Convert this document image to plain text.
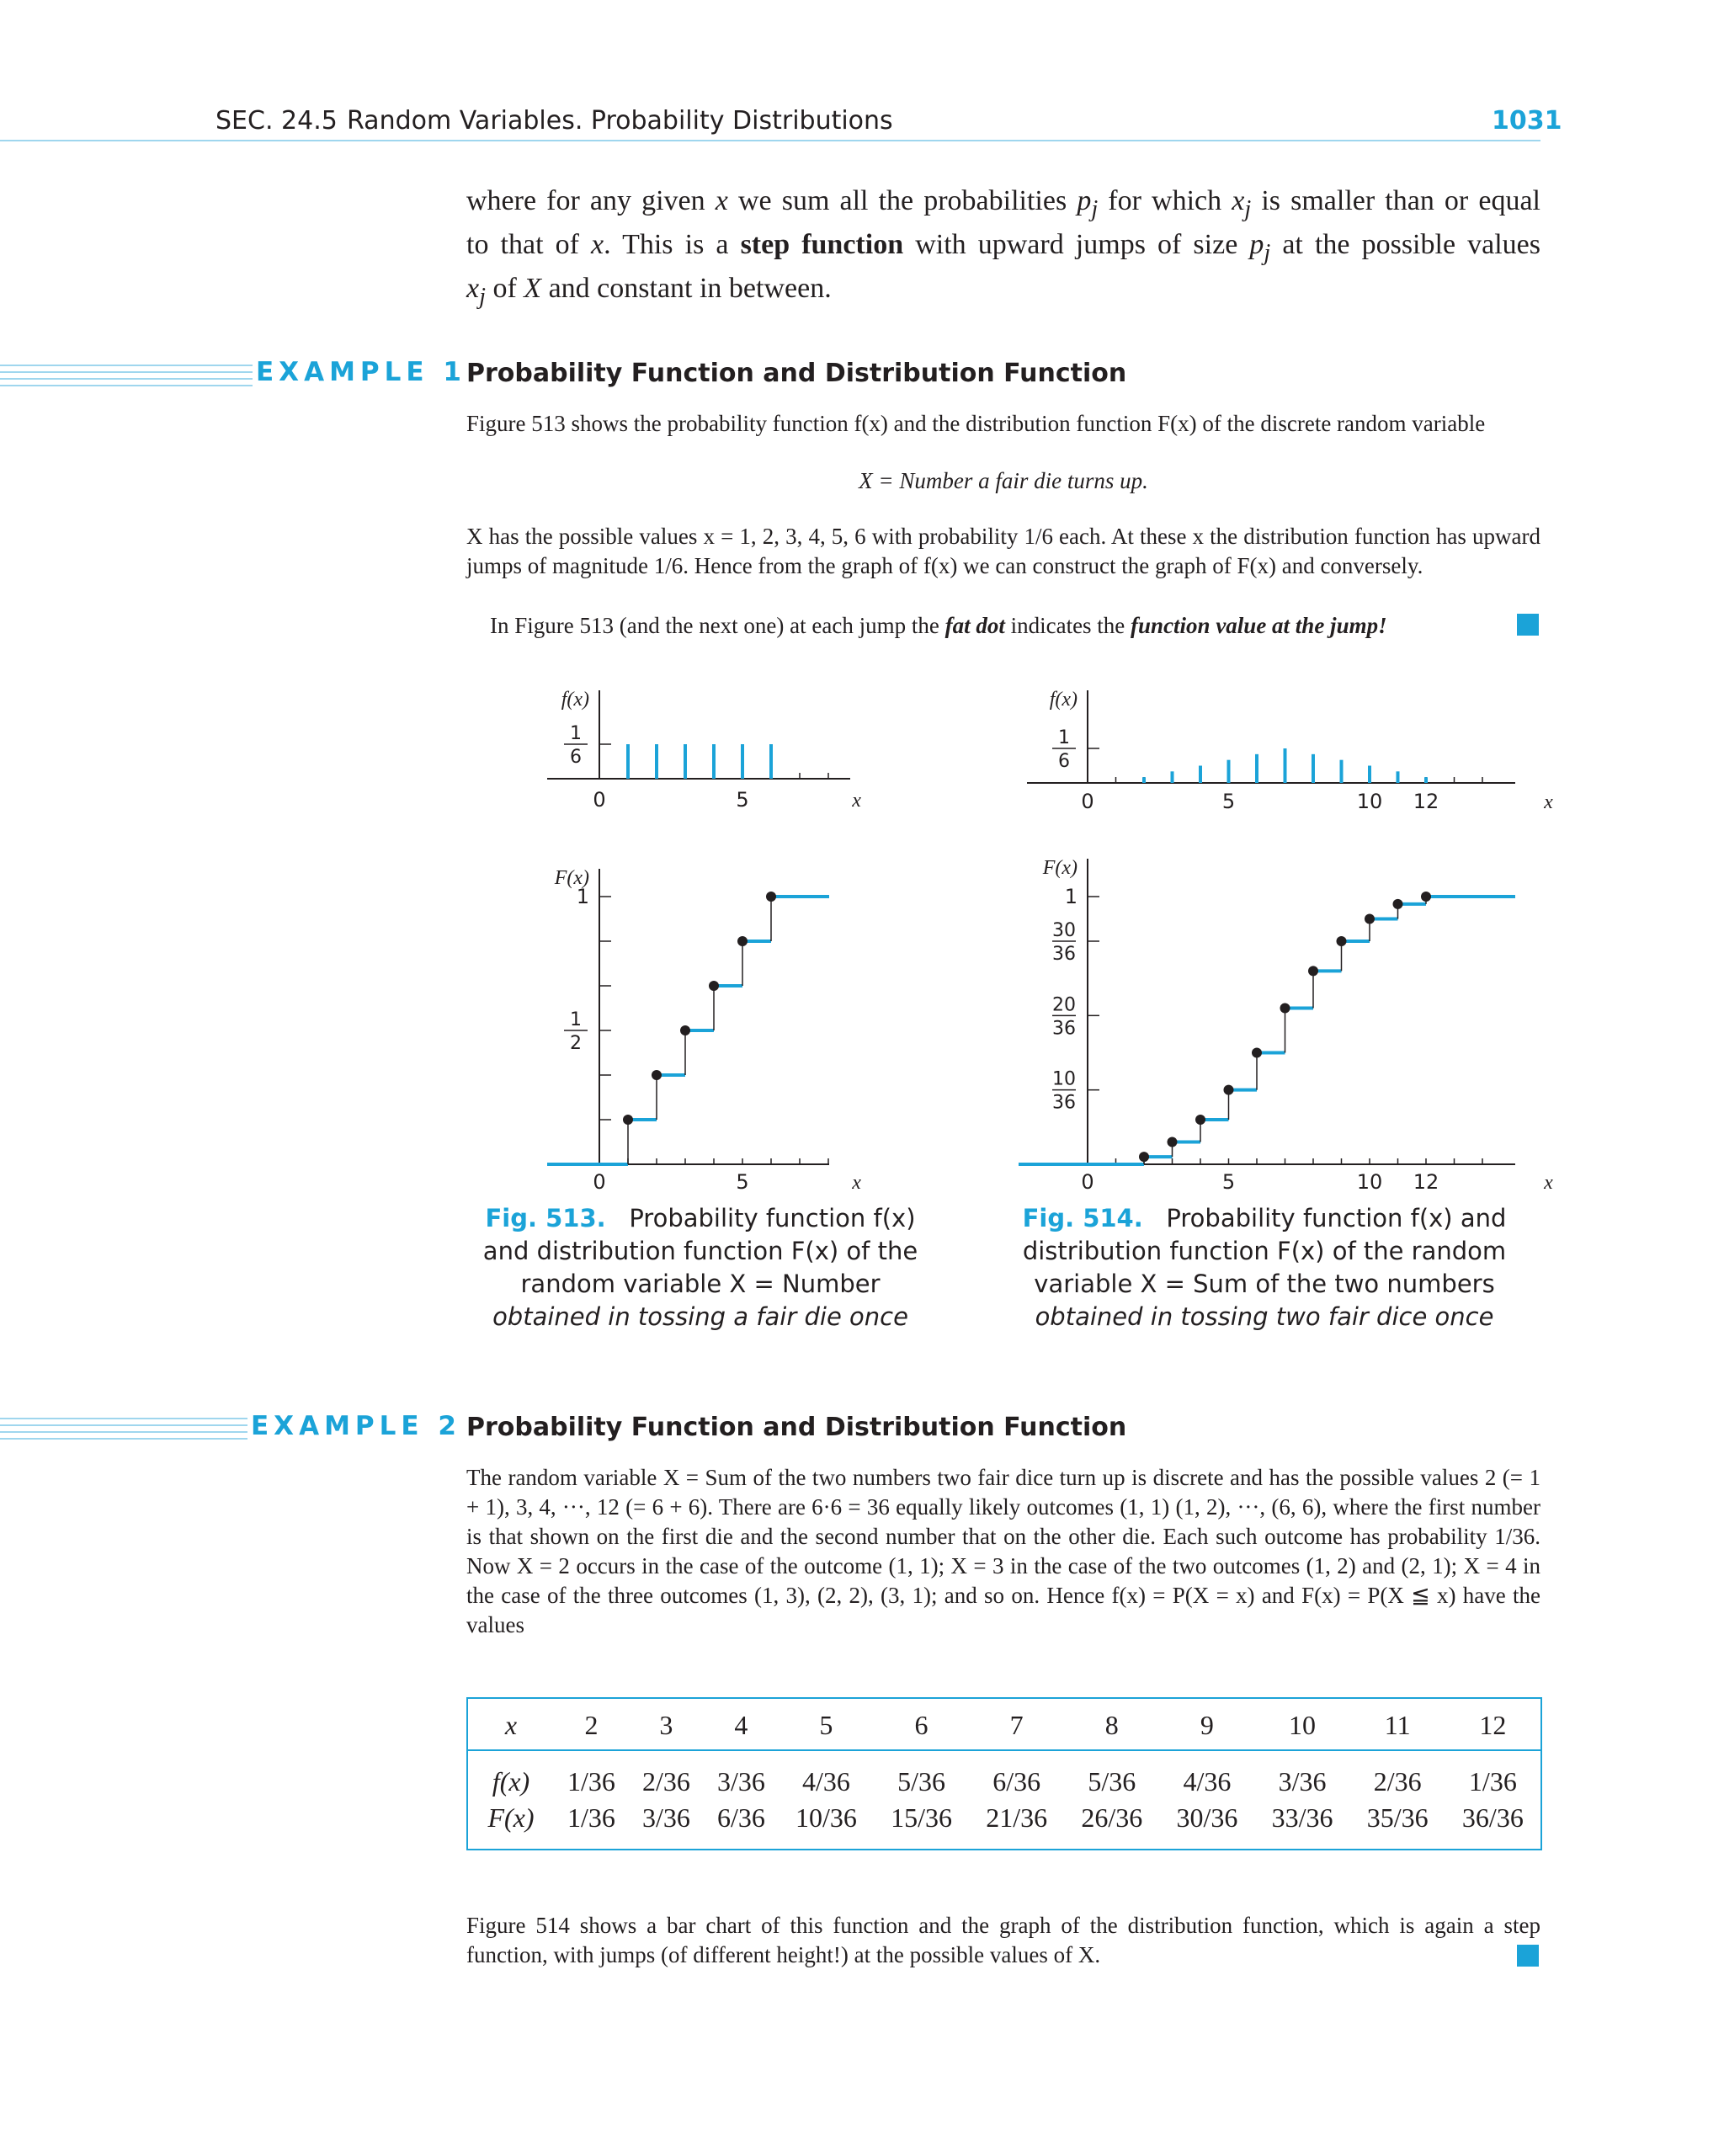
SEC. 24.5 Random Variables. Probability Distributions	1031
where for any given x we sum all the probabilities $p_j$ for which $x_j$ is smaller than or equal
to that of x. This is a step function with upward jumps of size $p_j$ at the possible values
$x_j$ of X and constant in between.
EXAMPLE 1 Probability Function and Distribution Function
Figure 513 shows the probability function f(x) and the distribution function F(x) of the discrete random variable
X = Number a fair die turns up.
X has the possible values x = 1, 2, 3, 4, 5, 6 with probability 1/6 each. At these x the distribution function has upward jumps of magnitude 1/6. Hence from the graph of f(x) we can construct the graph of F(x) and conversely.
In Figure 513 (and the next one) at each jump the fat dot indicates the function value at the jump!
f(x)
0	5	x
1
6
F(x)
0	5	x
1
1
2
f(x)
0	5	10 12	x
1
6
F(x)
0	5	10 12	x
1
30
36
20
36
10
36
Fig. 513. Probability function f(x)
and distribution function F(x) of the
random variable X = Number
obtained in tossing a fair die once
Fig. 514. Probability function f(x) and
distribution function F(x) of the random
variable X = Sum of the two numbers
obtained in tossing two fair dice once
EXAMPLE 2 Probability Function and Distribution Function
The random variable X = Sum of the two numbers two fair dice turn up is discrete and has the possible values 2 (= 1 + 1), 3, 4, ···, 12 (= 6 + 6). There are 6·6 = 36 equally likely outcomes (1, 1) (1, 2), ···, (6, 6), where the first number is that shown on the first die and the second number that on the other die. Each such outcome has probability 1/36. Now X = 2 occurs in the case of the outcome (1, 1); X = 3 in the case of the two outcomes (1, 2) and (2, 1); X = 4 in the case of the three outcomes (1, 3), (2, 2), (3, 1); and so on. Hence f(x) = P(X = x) and F(x) = P(X ≦ x) have the values
x	2	3	4	5	6	7	8	9	10	11	12
f(x)	1/36	2/36	3/36	4/36	5/36	6/36	5/36	4/36	3/36	2/36	1/36
F(x)	1/36	3/36	6/36	10/36	15/36	21/36	26/36	30/36	33/36	35/36	36/36
Figure 514 shows a bar chart of this function and the graph of the distribution function, which is again a step function, with jumps (of different height!) at the possible values of X.
